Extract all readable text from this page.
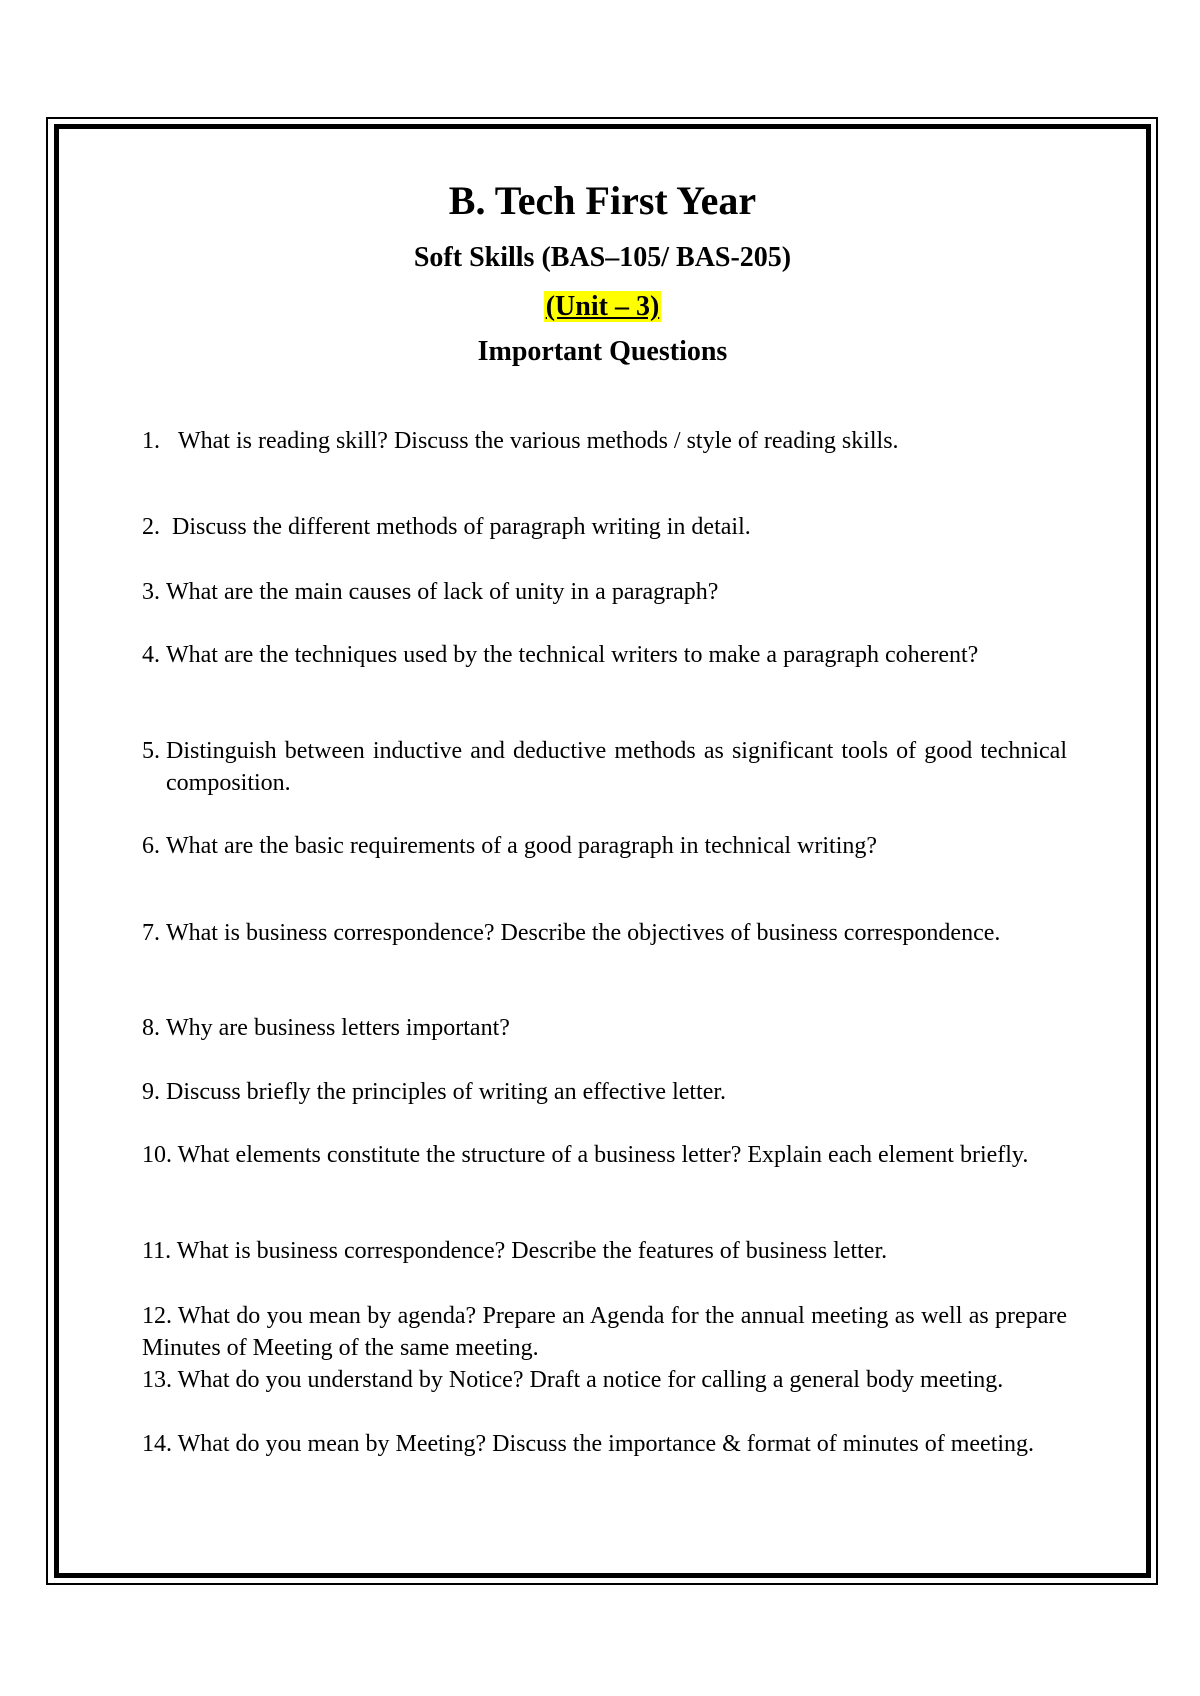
B. Tech First Year
Soft Skills (BAS–105/ BAS-205)
(Unit – 3)
Important Questions
1. What is reading skill? Discuss the various methods / style of reading skills.
2. Discuss the different methods of paragraph writing in detail.
3. What are the main causes of lack of unity in a paragraph?
4. What are the techniques used by the technical writers to make a paragraph coherent?
5. Distinguish between inductive and deductive methods as significant tools of good technical composition.
6. What are the basic requirements of a good paragraph in technical writing?
7. What is business correspondence? Describe the objectives of business correspondence.
8. Why are business letters important?
9. Discuss briefly the principles of writing an effective letter.
10. What elements constitute the structure of a business letter? Explain each element briefly.
11. What is business correspondence? Describe the features of business letter.
12. What do you mean by agenda? Prepare an Agenda for the annual meeting as well as prepare Minutes of Meeting of the same meeting.
13. What do you understand by Notice? Draft a notice for calling a general body meeting.
14. What do you mean by Meeting? Discuss the importance & format of minutes of meeting.
